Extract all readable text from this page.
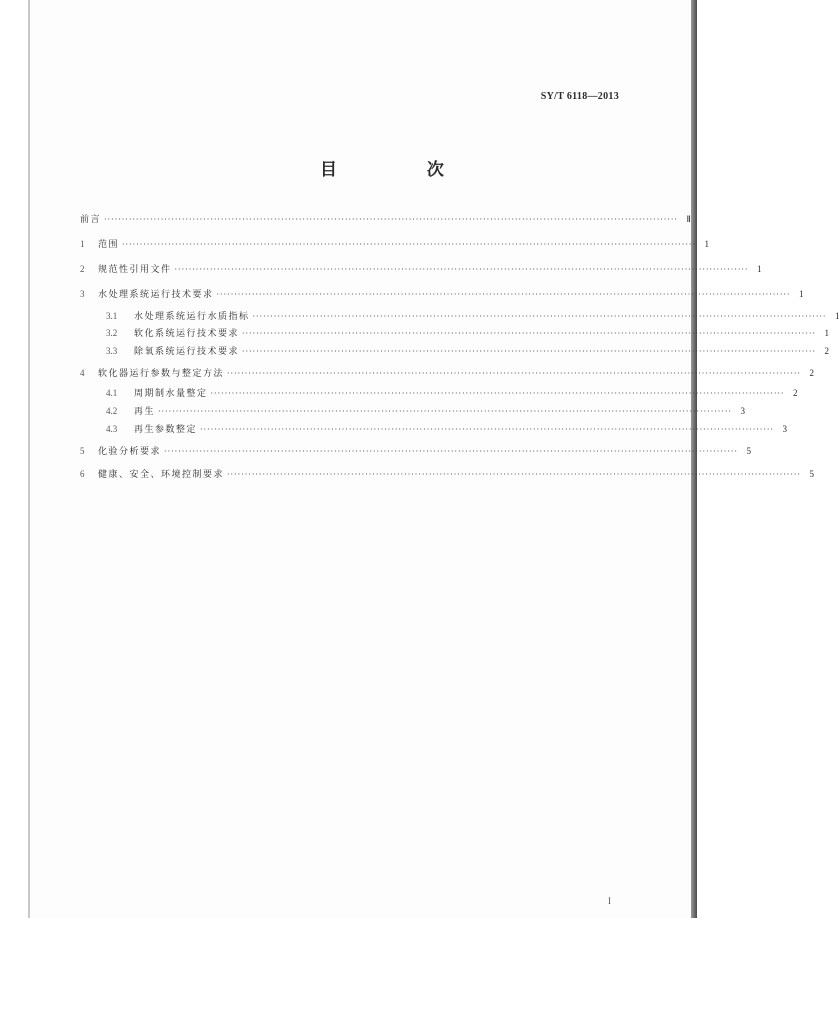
SY/T 6118—2013
目 次
前言 ·································································································································································· Ⅱ
1	范围 ·································································································································································· 1
2	规范性引用文件 ·································································································································································· 1
3	水处理系统运行技术要求 ·································································································································································· 1
3.1	水处理系统运行水质指标 ·································································································································································· 1
3.2	软化系统运行技术要求 ·································································································································································· 1
3.3	除氧系统运行技术要求 ·································································································································································· 2
4	软化器运行参数与整定方法 ·································································································································································· 2
4.1	周期制水量整定 ·································································································································································· 2
4.2	再生 ·································································································································································· 3
4.3	再生参数整定 ·································································································································································· 3
5	化验分析要求 ·································································································································································· 5
6	健康、安全、环境控制要求 ·································································································································································· 5
I
